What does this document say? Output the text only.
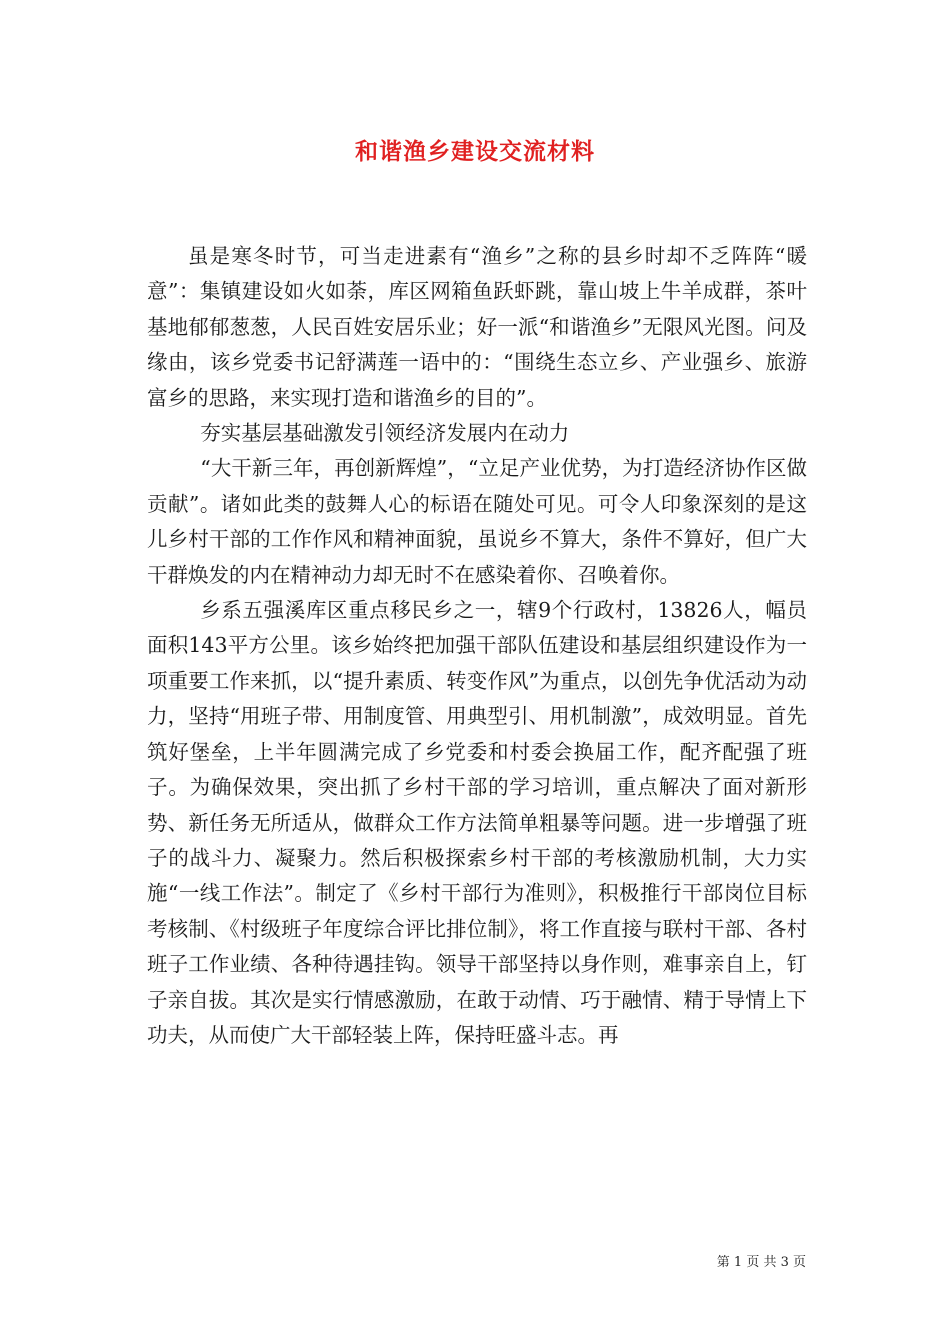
和谐渔乡建设交流材料

虽是寒冬时节，可当走进素有“渔乡”之称的县乡时却不乏阵阵“暖意”：集镇建设如火如荼，库区网箱鱼跃虾跳，靠山坡上牛羊成群，茶叶基地郁郁葱葱，人民百姓安居乐业；好一派“和谐渔乡”无限风光图。问及缘由，该乡党委书记舒满莲一语中的：“围绕生态立乡、产业强乡、旅游富乡的思路，来实现打造和谐渔乡的目的”。

夯实基层基础激发引领经济发展内在动力

“大干新三年，再创新辉煌”，“立足产业优势，为打造经济协作区做贡献”。诸如此类的鼓舞人心的标语在随处可见。可令人印象深刻的是这儿乡村干部的工作作风和精神面貌，虽说乡不算大，条件不算好，但广大干群焕发的内在精神动力却无时不在感染着你、召唤着你。

乡系五强溪库区重点移民乡之一，辖9个行政村，13826人，幅员面积143平方公里。该乡始终把加强干部队伍建设和基层组织建设作为一项重要工作来抓，以“提升素质、转变作风”为重点，以创先争优活动为动力，坚持“用班子带、用制度管、用典型引、用机制激”，成效明显。首先筑好堡垒，上半年圆满完成了乡党委和村委会换届工作，配齐配强了班子。为确保效果，突出抓了乡村干部的学习培训，重点解决了面对新形势、新任务无所适从，做群众工作方法简单粗暴等问题。进一步增强了班子的战斗力、凝聚力。然后积极探索乡村干部的考核激励机制，大力实施“一线工作法”。制定了《乡村干部行为准则》，积极推行干部岗位目标考核制、《村级班子年度综合评比排位制》，将工作直接与联村干部、各村班子工作业绩、各种待遇挂钩。领导干部坚持以身作则，难事亲自上，钉子亲自拔。其次是实行情感激励，在敢于动情、巧于融情、精于导情上下功夫，从而使广大干部轻装上阵，保持旺盛斗志。再

第 1 页 共 3 页
